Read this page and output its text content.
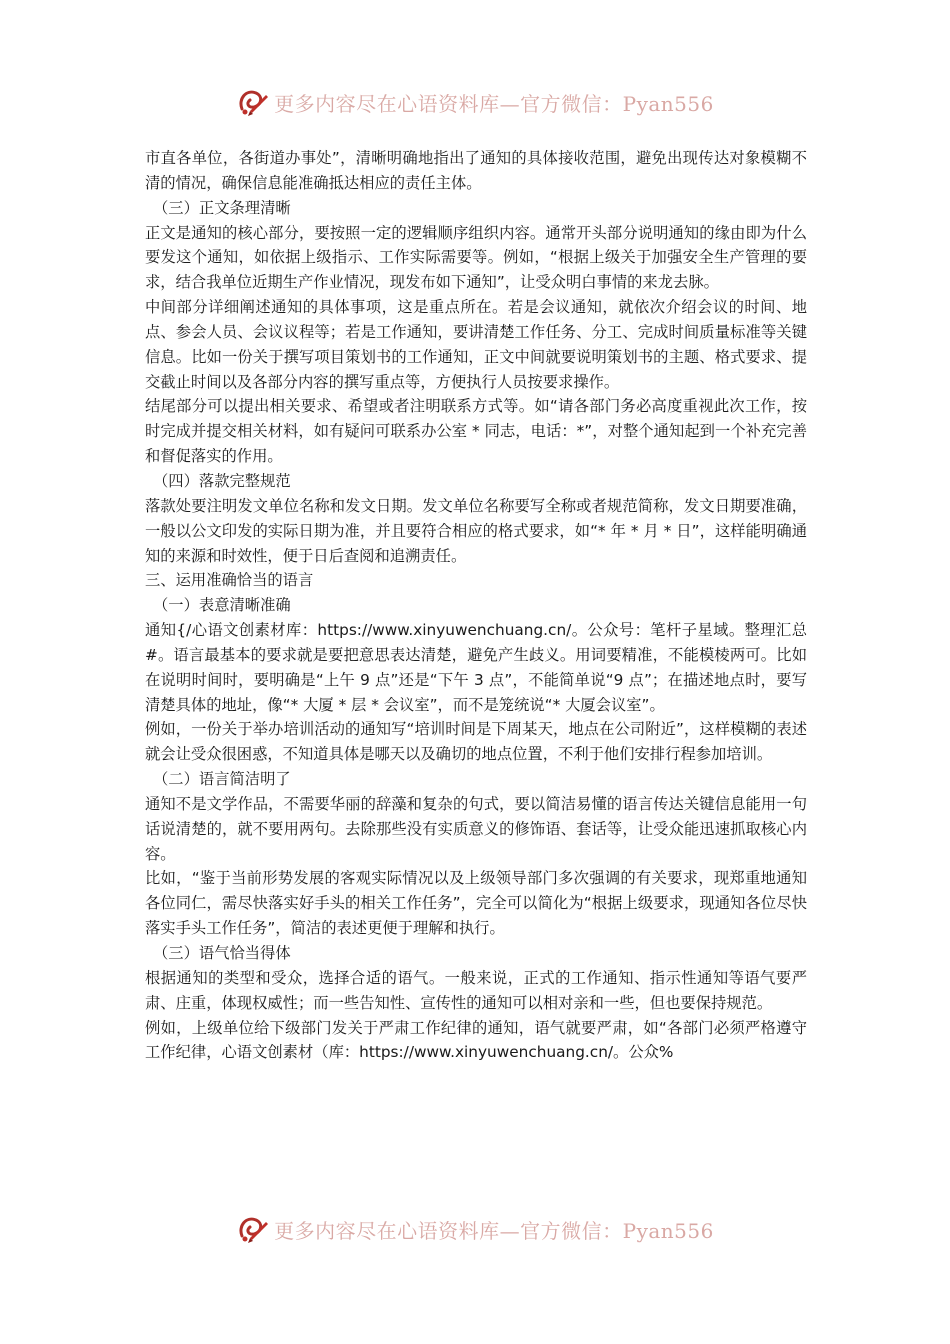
更多内容尽在心语资料库—官方微信：Pyan556

市直各单位，各街道办事处”，清晰明确地指出了通知的具体接收范围，避免出现传达对象模糊不清的情况，确保信息能准确抵达相应的责任主体。

（三）正文条理清晰

正文是通知的核心部分，要按照一定的逻辑顺序组织内容。通常开头部分说明通知的缘由即为什么要发这个通知，如依据上级指示、工作实际需要等。例如，“根据上级关于加强安全生产管理的要求，结合我单位近期生产作业情况，现发布如下通知”，让受众明白事情的来龙去脉。

中间部分详细阐述通知的具体事项，这是重点所在。若是会议通知，就依次介绍会议的时间、地点、参会人员、会议议程等；若是工作通知，要讲清楚工作任务、分工、完成时间质量标准等关键信息。比如一份关于撰写项目策划书的工作通知，正文中间就要说明策划书的主题、格式要求、提交截止时间以及各部分内容的撰写重点等，方便执行人员按要求操作。

结尾部分可以提出相关要求、希望或者注明联系方式等。如“请各部门务必高度重视此次工作，按时完成并提交相关材料，如有疑问可联系办公室 * 同志，电话：*”，对整个通知起到一个补充完善和督促落实的作用。

（四）落款完整规范

落款处要注明发文单位名称和发文日期。发文单位名称要写全称或者规范简称，发文日期要准确，一般以公文印发的实际日期为准，并且要符合相应的格式要求，如“* 年 * 月 * 日”，这样能明确通知的来源和时效性，便于日后查阅和追溯责任。

三、运用准确恰当的语言

（一）表意清晰准确

通知{/心语文创素材库：https://www.xinyuwenchuang.cn/。公众号：笔杆子星域。整理汇总#。语言最基本的要求就是要把意思表达清楚，避免产生歧义。用词要精准，不能模棱两可。比如在说明时间时，要明确是“上午 9 点”还是“下午 3 点”，不能简单说“9 点”；在描述地点时，要写清楚具体的地址，像“* 大厦 * 层 * 会议室”，而不是笼统说“* 大厦会议室”。

例如，一份关于举办培训活动的通知写“培训时间是下周某天，地点在公司附近”，这样模糊的表述就会让受众很困惑，不知道具体是哪天以及确切的地点位置，不利于他们安排行程参加培训。

（二）语言简洁明了

通知不是文学作品，不需要华丽的辞藻和复杂的句式，要以简洁易懂的语言传达关键信息能用一句话说清楚的，就不要用两句。去除那些没有实质意义的修饰语、套话等，让受众能迅速抓取核心内容。

比如，“鉴于当前形势发展的客观实际情况以及上级领导部门多次强调的有关要求，现郑重地通知各位同仁，需尽快落实好手头的相关工作任务”，完全可以简化为“根据上级要求，现通知各位尽快落实手头工作任务”，简洁的表述更便于理解和执行。

（三）语气恰当得体

根据通知的类型和受众，选择合适的语气。一般来说，正式的工作通知、指示性通知等语气要严肃、庄重，体现权威性；而一些告知性、宣传性的通知可以相对亲和一些，但也要保持规范。

例如，上级单位给下级部门发关于严肃工作纪律的通知，语气就要严肃，如“各部门必须严格遵守工作纪律，心语文创素材（库：https://www.xinyuwenchuang.cn/。公众%

更多内容尽在心语资料库—官方微信：Pyan556
